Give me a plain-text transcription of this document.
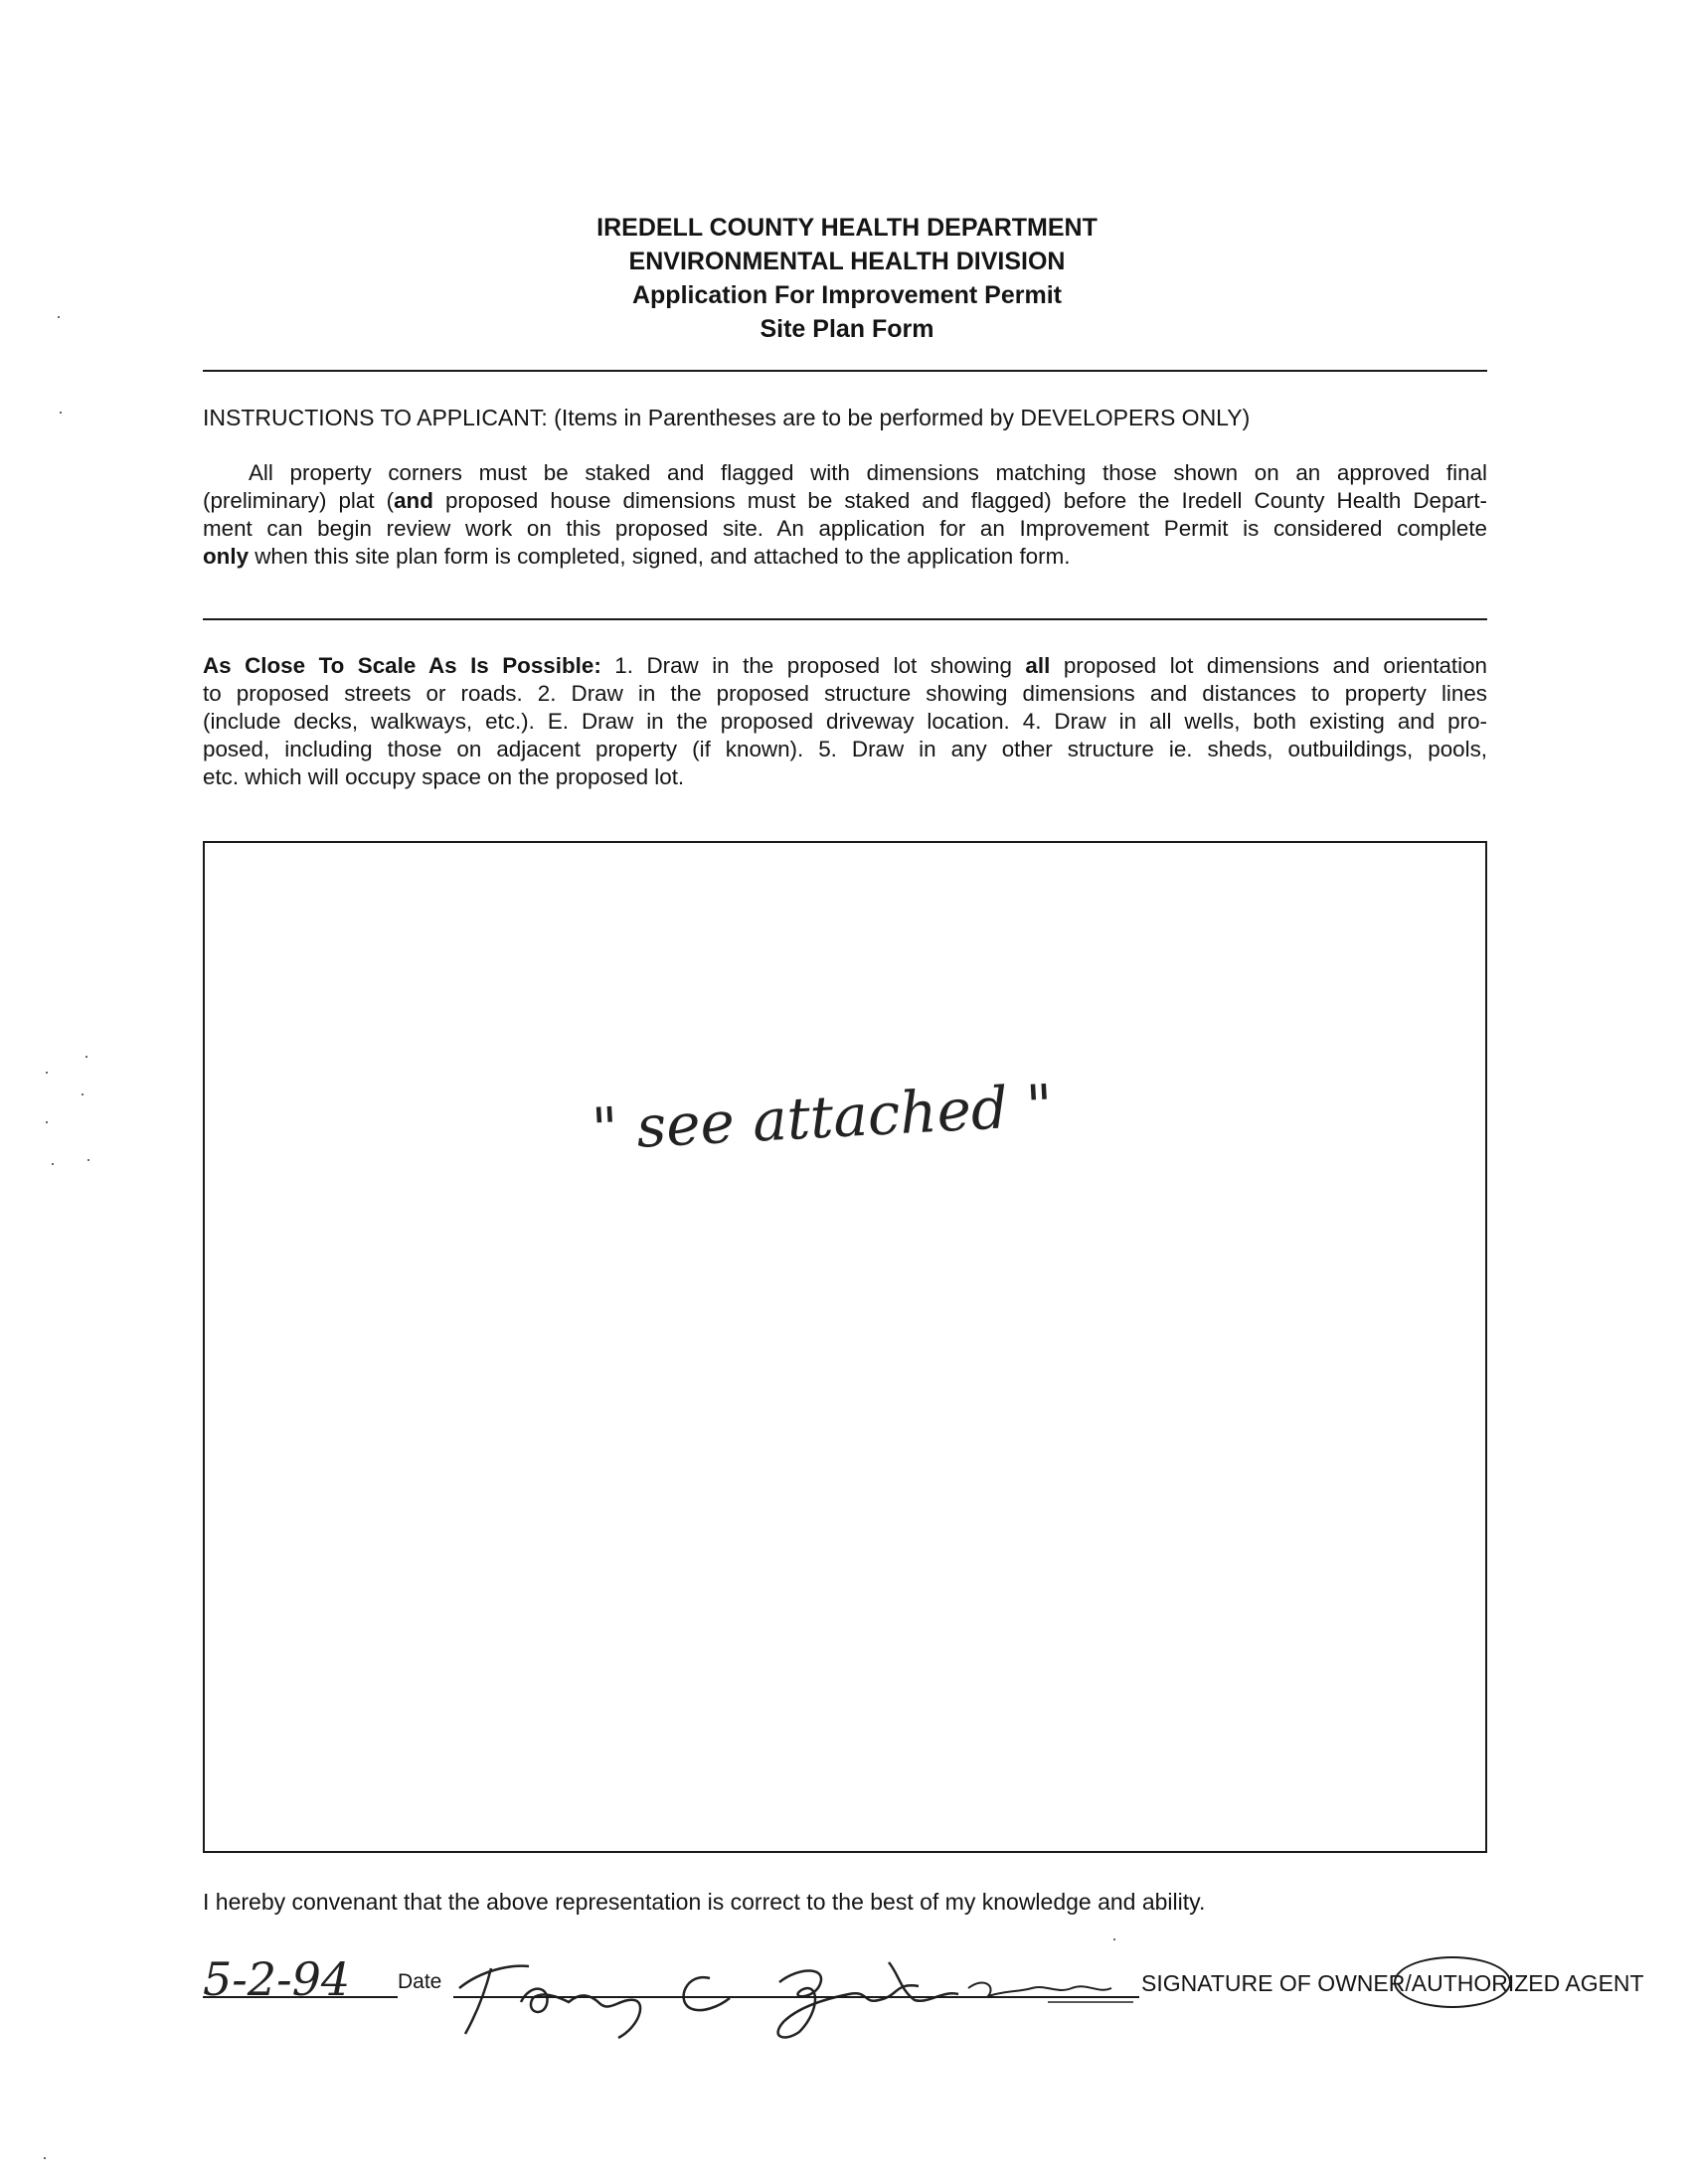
IREDELL COUNTY HEALTH DEPARTMENT
ENVIRONMENTAL HEALTH DIVISION
Application For Improvement Permit
Site Plan Form
INSTRUCTIONS TO APPLICANT: (Items in Parentheses are to be performed by DEVELOPERS ONLY)
All property corners must be staked and flagged with dimensions matching those shown on an approved final
(preliminary) plat (and proposed house dimensions must be staked and flagged) before the Iredell County Health Depart-
ment can begin review work on this proposed site. An application for an Improvement Permit is considered complete
only when this site plan form is completed, signed, and attached to the application form.
As Close To Scale As Is Possible: 1. Draw in the proposed lot showing all proposed lot dimensions and orientation
to proposed streets or roads. 2. Draw in the proposed structure showing dimensions and distances to property lines
(include decks, walkways, etc.). E. Draw in the proposed driveway location. 4. Draw in all wells, both existing and pro-
posed, including those on adjacent property (if known). 5. Draw in any other structure ie. sheds, outbuildings, pools,
etc. which will occupy space on the proposed lot.
" see attached "
I hereby convenant that the above representation is correct to the best of my knowledge and ability.
5-2-94 Date	SIGNATURE OF OWNER/AUTHORIZED AGENT
